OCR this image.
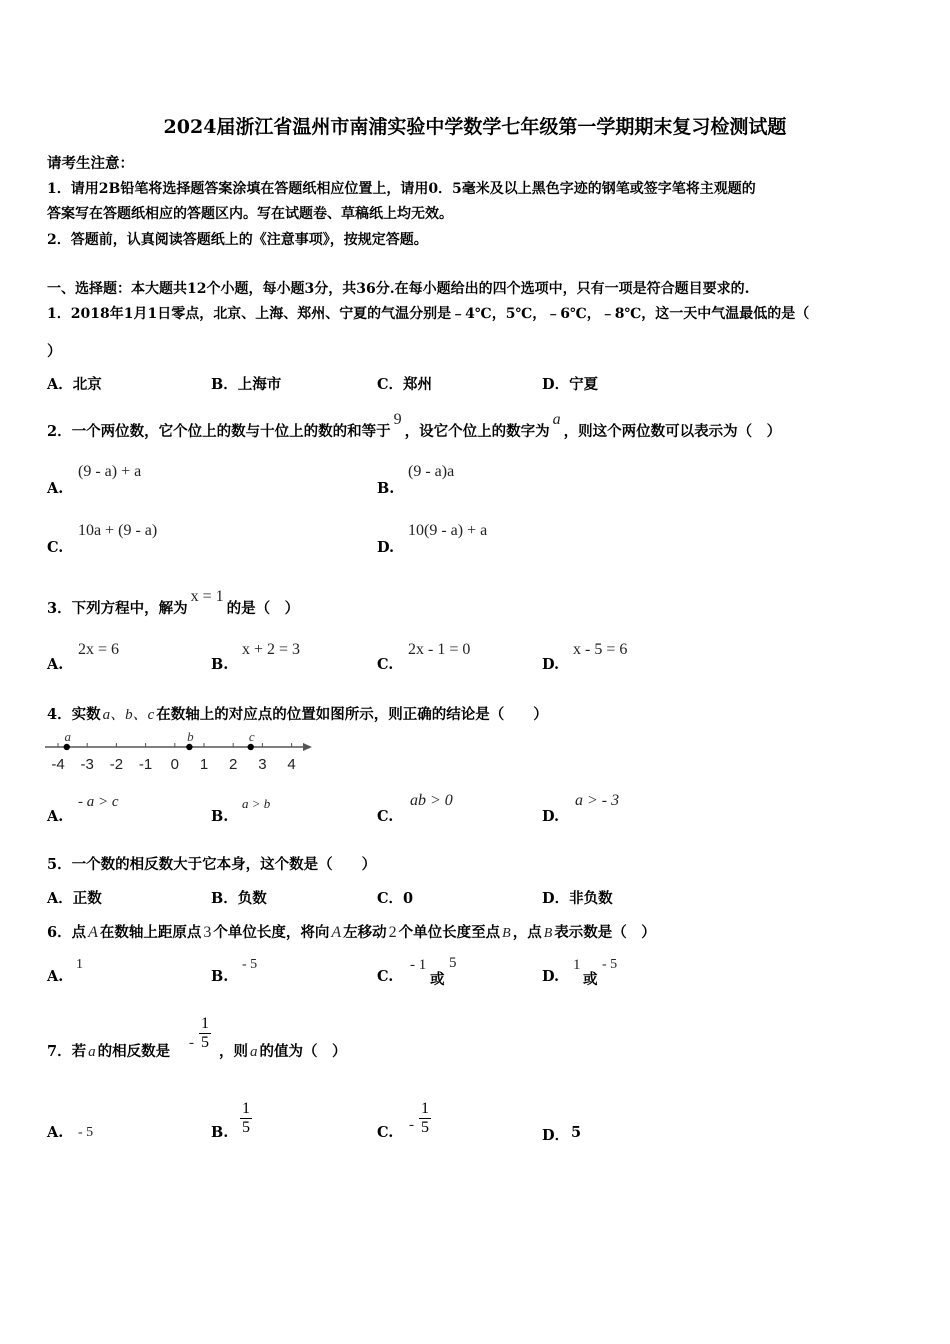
2024届浙江省温州市南浦实验中学数学七年级第一学期期末复习检测试题
请考生注意：
1．请用2B铅笔将选择题答案涂填在答题纸相应位置上，请用0．5毫米及以上黑色字迹的钢笔或签字笔将主观题的
答案写在答题纸相应的答题区内。写在试题卷、草稿纸上均无效。
2．答题前，认真阅读答题纸上的《注意事项》，按规定答题。
一、选择题：本大题共12个小题，每小题3分，共36分.在每小题给出的四个选项中，只有一项是符合题目要求的.
1．2018年1月1日零点，北京、上海、郑州、宁夏的气温分别是﹣4℃，5℃，﹣6℃，﹣8℃，这一天中气温最低的是（
）
A．北京	B．上海市	C．郑州	D．宁夏
2．一个两位数，它个位上的数与十位上的数的和等于9，设它个位上的数字为a，则这个两位数可以表示为（　）
A.
(9 - a) + a
B.
(9 - a)a
C.
10a + (9 - a)
D.
10(9 - a) + a
3．下列方程中，解为x = 1的是（　）
A.
2x = 6
B.
x + 2 = 3
C.
2x - 1 = 0
D.
x - 5 = 6
4．实数 a、b、c 在数轴上的对应点的位置如图所示，则正确的结论是（　　）
-4 -3 -2 -1 0 1 2 3 4
a	b	c
A.
- a > c
B.
a > b
C.
ab > 0
D.
a > - 3
5．一个数的相反数大于它本身，这个数是（　　）
A．正数	B．负数	C．0	D．非负数
6．点 A 在数轴上距原点 3 个单位长度，将向 A 左移动 2 个单位长度至点 B ，点 B 表示数是（　）
A.
1
B.
- 5
C.
- 1
或
5
D.
1
或
- 5
7．若 a 的相反数是 - $\frac{1}{5}$ ，则 a 的值为（　）
A. - 5	B. $\frac{1}{5}$	C. - $\frac{1}{5}$	D． 5
